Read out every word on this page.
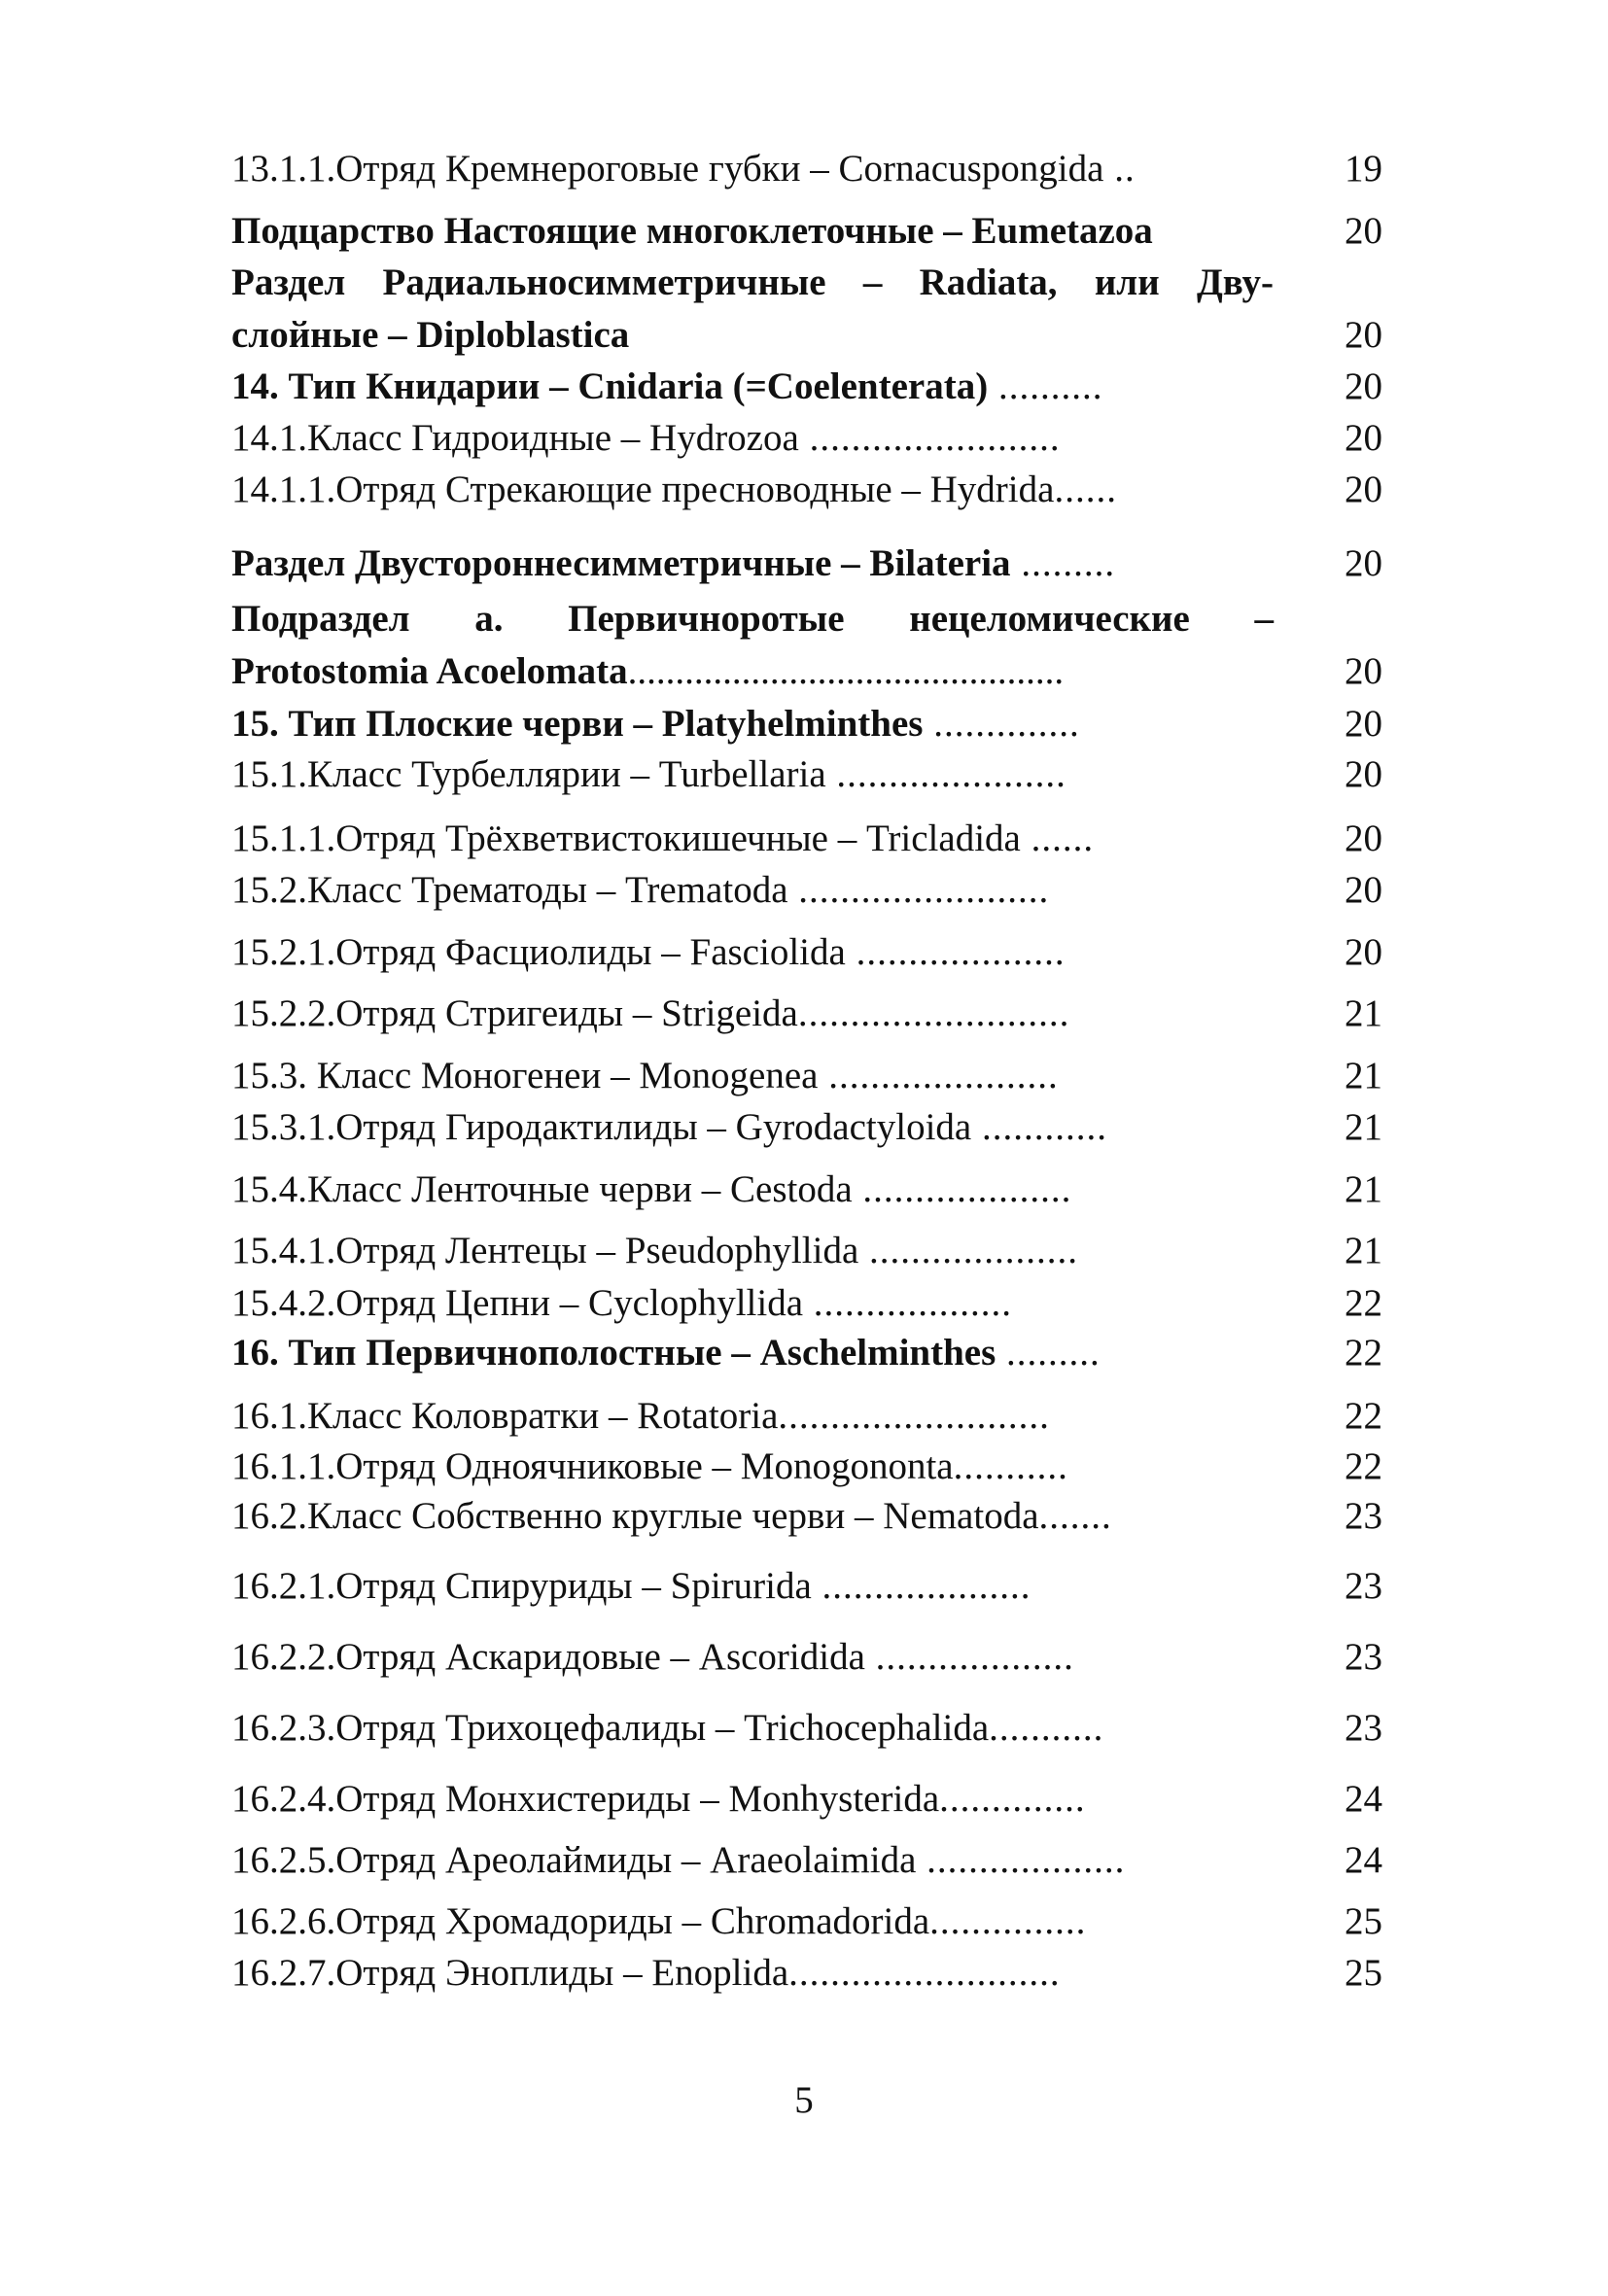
13.1.1.Отряд Кремнероговые губки – Cornacuspongida ..	19
Подцарство Настоящие многоклеточные – Eumetazoa	20
Раздел Радиальносимметричные – Radiata, или Дву-
слойные – Diploblastica	20
14. Тип Книдарии – Cnidaria (=Coelenterata) ..........	20
14.1.Класс Гидроидные – Hydrozoa ........................	20
14.1.1.Отряд Стрекающие пресноводные – Hydrida......	20
Раздел Двустороннесимметричные – Bilateria .........	20
Подраздел а. Первичноротые нецеломические –
Protostomia Acoelomata..............................................	20
15. Тип Плоские черви – Platyhelminthes ..............	20
15.1.Класс Турбеллярии – Turbellaria ......................	20
15.1.1.Отряд Трёхветвистокишечные – Tricladida ......	20
15.2.Класс Трематоды – Trematoda ........................	20
15.2.1.Отряд Фасциолиды – Fasciolida ....................	20
15.2.2.Отряд Стригеиды – Strigeida..........................	21
15.3. Класс Моногенеи – Monogenea ......................	21
15.3.1.Отряд Гиродактилиды – Gyrodactyloida ............	21
15.4.Класс Ленточные черви – Cestoda ....................	21
15.4.1.Отряд Лентецы – Pseudophyllida ....................	21
15.4.2.Отряд Цепни – Cyclophyllida ...................	22
16. Тип Первичнополостные – Aschelminthes .........	22
16.1.Класс Коловратки – Rotatoria..........................	22
16.1.1.Отряд Одноячниковые – Monogononta...........	22
16.2.Класс Собственно круглые черви – Nematoda.......	23
16.2.1.Отряд Спируриды – Spirurida ....................	23
16.2.2.Отряд Аскаридовые – Ascoridida ...................	23
16.2.3.Отряд Трихоцефалиды – Trichocephalida...........	23
16.2.4.Отряд Монхистериды – Monhysterida..............	24
16.2.5.Отряд Ареолаймиды – Araeolaimida ...................	24
16.2.6.Отряд Хромадориды – Chromadorida...............	25
16.2.7.Отряд Эноплиды – Enoplida..........................	25
5
